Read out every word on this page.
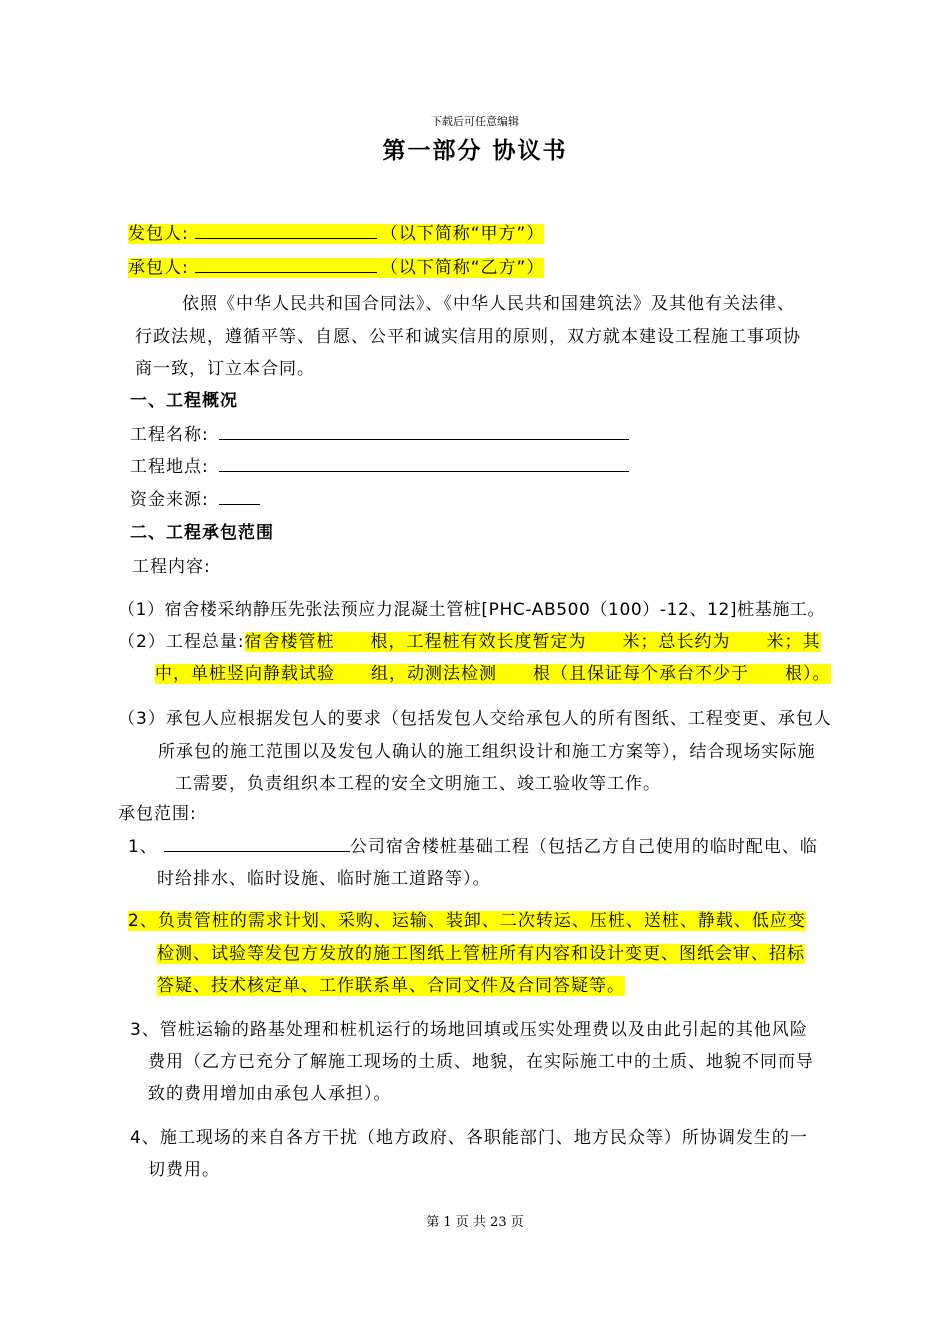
下载后可任意编辑
第一部分 协议书
发包人:	（以下简称“甲方”）
承包人:	（以下简称“乙方”）
依照《中华人民共和国合同法》、《中华人民共和国建筑法》及其他有关法律、
行政法规，遵循平等、自愿、公平和诚实信用的原则，双方就本建设工程施工事项协
商一致，订立本合同。
一、工程概况
工程名称:
工程地点:
资金来源:
二、工程承包范围
工程内容:
（1）宿舍楼采纳静压先张法预应力混凝土管桩[PHC-AB500（100）-12、12]桩基施工。
（2）工程总量:宿舍楼管桩 根，工程桩有效长度暂定为 米；总长约为 米；其
中，单桩竖向静载试验 组，动测法检测 根（且保证每个承台不少于 根）。
（3）承包人应根据发包人的要求（包括发包人交给承包人的所有图纸、工程变更、承包人
所承包的施工范围以及发包人确认的施工组织设计和施工方案等），结合现场实际施
工需要，负责组织本工程的安全文明施工、竣工验收等工作。
承包范围:
1、	公司宿舍楼桩基础工程（包括乙方自己使用的临时配电、临
时给排水、临时设施、临时施工道路等）。
2、负责管桩的需求计划、采购、运输、装卸、二次转运、压桩、送桩、静载、低应变
检测、试验等发包方发放的施工图纸上管桩所有内容和设计变更、图纸会审、招标
答疑、技术核定单、工作联系单、合同文件及合同答疑等。
3、管桩运输的路基处理和桩机运行的场地回填或压实处理费以及由此引起的其他风险
费用（乙方已充分了解施工现场的土质、地貌，在实际施工中的土质、地貌不同而导
致的费用增加由承包人承担）。
4、施工现场的来自各方干扰（地方政府、各职能部门、地方民众等）所协调发生的一
切费用。
第 1 页 共 23 页
